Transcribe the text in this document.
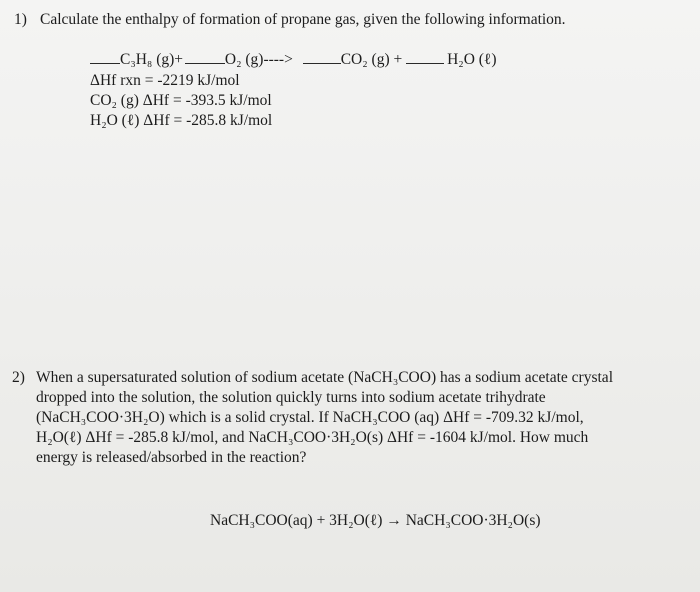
1) Calculate the enthalpy of formation of propane gas, given the following information.
C₃H₈ (g)+	O₂ (g)---->	CO₂ (g) +	H₂O (ℓ)
ΔHf rxn = -2219 kJ/mol
CO₂ (g) ΔHf = -393.5 kJ/mol
H₂O (ℓ) ΔHf = -285.8 kJ/mol
2) When a supersaturated solution of sodium acetate (NaCH₃COO) has a sodium acetate crystal
dropped into the solution, the solution quickly turns into sodium acetate trihydrate
(NaCH₃COO·3H₂O) which is a solid crystal. If NaCH₃COO (aq) ΔHf = -709.32 kJ/mol,
H₂O(ℓ) ΔHf = -285.8 kJ/mol, and NaCH₃COO·3H₂O(s) ΔHf = -1604 kJ/mol. How much
energy is released/absorbed in the reaction?
NaCH₃COO(aq) + 3H₂O(ℓ) → NaCH₃COO·3H₂O(s)
